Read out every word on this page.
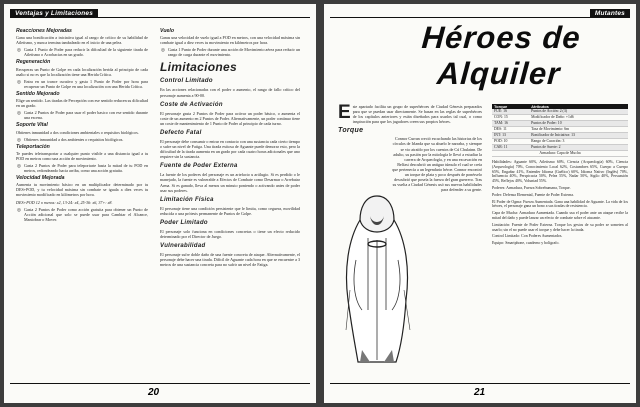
Ventajas y Limitaciones
Reacciones Mejoradas
Gana una bonificación a iniciativa igual al rango de crítico de su habilidad de Atletismo, y nunca termina tambaleado en el inicio de una pelea.
◎ Gasta 1 Punto de Poder para reducir la dificultad de la siguiente tirada de Atletismo o Acrobacias en un grado.
Regeneración
Recuperas un Punto de Golpe en cada localización herida al principio de cada asalto si no es que la localización tiene una Herida Crítica.
◎ Entra en un trance curativo y gasta 1 Punto de Poder por hora para recuperar un Punto de Golpe en una localización con una Herida Crítica.
Sentido Mejorado
Elige un sentido. Las tiradas de Percepción con ese sentido reducen su dificultad en un grado.
◎ Gasta 2 Puntos de Poder para usar el poder basico con ese sentido durante una escena.
Soporte Vital
Obtienes inmunidad a dos condiciones ambientales o requisitos biológicos.
◎ Obtienes inmunidad a dos ambientes o requisitos biológicos.
Teleportación
Te puedes teletransportar a cualquier punto visible a una distancia igual a tu POD en metros como una acción de movimiento.
◎ Gasta 2 Puntos de Poder para teleportarte hasta la mitad de tu POD en metros, redondeando hacia arriba, como una acción gratuita.
Velocidad Mejorada
Aumenta tu movimiento básico en un multiplicador determinado por tu DES+POD, y tu velocidad máxima sin combate se iguala a diez veces tu movimiento modificado en kilómetros por hora.
DES+POD 12 o menos: x2, 13-24: x4, 25-36: x6, 37+: x8.
◎ Gasta 2 Puntos de Poder como acción gratuita para obtener un Punto de Acción adicional que solo se puede usar para Cambiar el Alcance, Maniobrar o Mover.
Vuelo
Ganas una velocidad de vuelo igual a POD en metros, con una velocidad máxima sin combate igual a diez veces tu movimiento en kilómetros por hora.
◎ Gasta 1 Punto de Poder durante una acción de Movimiento aérea para reducir un rango de carga durante el movimiento.
Limitaciones
Control Limitado
En las acciones relacionadas con el poder o aumento, el rango de fallo crítico del personaje aumenta a 90-00.
Coste de Activación
El personaje gasta 2 Puntos de Poder para activar un poder básico, o aumenta el coste de un aumento en 2 Puntos de Poder. Alternativamente, un poder continuo tiene un coste de mantenimiento de 1 Punto de Poder al principio de cada turno.
Defecto Fatal
El personaje debe consumir o entrar en contacto con una sustancia cada cierto tiempo o sufre un nivel de Fatiga. Una tirada exitosa de Aguante puede demorar esto, pero la dificultad de la tirada aumenta en un grado por cada cuatro horas adicionales que uno requiere sin la sustancia.
Fuente de Poder Externa
La fuente de los poderes del personaje es un artefacto u artilugio. Si es perdido o le manejado, la fuente es vulnerable a Efectos de Combate como Desarmar o Arrebatar Arma. Si es ganado, lleva al menos un minuto poniendo o activando antes de poder usar sus poderes.
Limitación Física
El personaje tiene una condición persistente que le limita, como ceguera, movilidad reducida o una prótesis permanente de Puntos de Golpe.
Poder Limitado
El personaje solo funciona en condiciones concretas o tiene un efecto reducido determinado por el Director de Juego.
Vulnerabilidad
El personaje sufre doble daño de una fuente concreta de ataque. Alternativamente, el personaje debe hacer una tirada. Difícil de Aguante cada hora en que se encuentre a 3 metros de una sustancia concreta para no sufrir un nivel de Fatiga.
20
Mutantes
Héroes de
Alquiler
Este apartado facilita un grupo de superhéroes de Ciudad Génesis preparados para que se puedan usar directamente. Se basan en las reglas de superhéroes de los capítulos anteriores y están diseñados para usarlos tal cual, o como inspiración para que los jugadores creen sus propios héroes.
Torque
Connor Curran creció escuchando las historias de los círculos de Irlanda que su abuelo le narraba, y siempre se vio atraído por los cuentos de Cú Chulainn. De adulto, su pasión por la mitología le llevó a estudiar la carrera de Arqueología, y en una excavación en Belfast descubrió un antiguo túmulo el cual se creía que pertenecía a un legendario héroe. Connor encontró un torque de plata y poco después de ponérselo descubrió que poseía la fuerza del gran guerrero. Tras su vuelta a Ciudad Génesis usó sus nuevas habilidades para defender a su gente.
Torque	Atributos
FUE: 16	Puntos de Acción: 2 (3)
CON: 15	Modificador de Daño: +1d6
TAM: 16	Puntos de Poder: 10
DES: 11	Tasa de Movimiento: 6m
INT: 13	Bonificador de Iniciativa: 13
POD: 10	Rango de Curación: 3
CAR: 11	Puntos de Suerte: 2
Armadura: Capa de Mucha	
Habilidades: Aguante 60%, Atletismo 60%, Ciencia (Arqueología) 60%, Ciencia (Arqueología) 70%, Conocimiento Local 62%, Costumbres 65%, Cuerpo a Cuerpo 65%, Engañar 41%, Entender Idioma (Gaélico) 60%, Idioma Nativo (Inglés) 70%, Influencia 40%, Perspicacia 50%, Pelea 55%, Nadar 50%, Sigilo 40%, Persuasión 45%, Reflejos 40%, Voluntad 55%.
Poderes: Armadura, Fuerza Sobrehumana, Torque.
Poder: Defensa Elemental, Fuente de Poder Externa.
El Poder de Ogma: Fuerza Aumentada. Gana una habilidad de Aguante. La vida de los héroes, el personaje gana un bono a sus tiradas de resistencia.
Capa de Mucha: Armadura Aumentada. Cuando usa el poder ante un ataque recibe la mitad del daño y puede lanzar un efecto de combate sobre el atacante.
Limitación: Fuente de Poder Externa. Torque los gestos de su poder se someten al usarlo; sin el no puede usar el torque y debe hacer la tirada.
Control Limitado: Con Poderes Aumentados.
Equipo: Smartphone, cuaderno y bolígrafo.
21
